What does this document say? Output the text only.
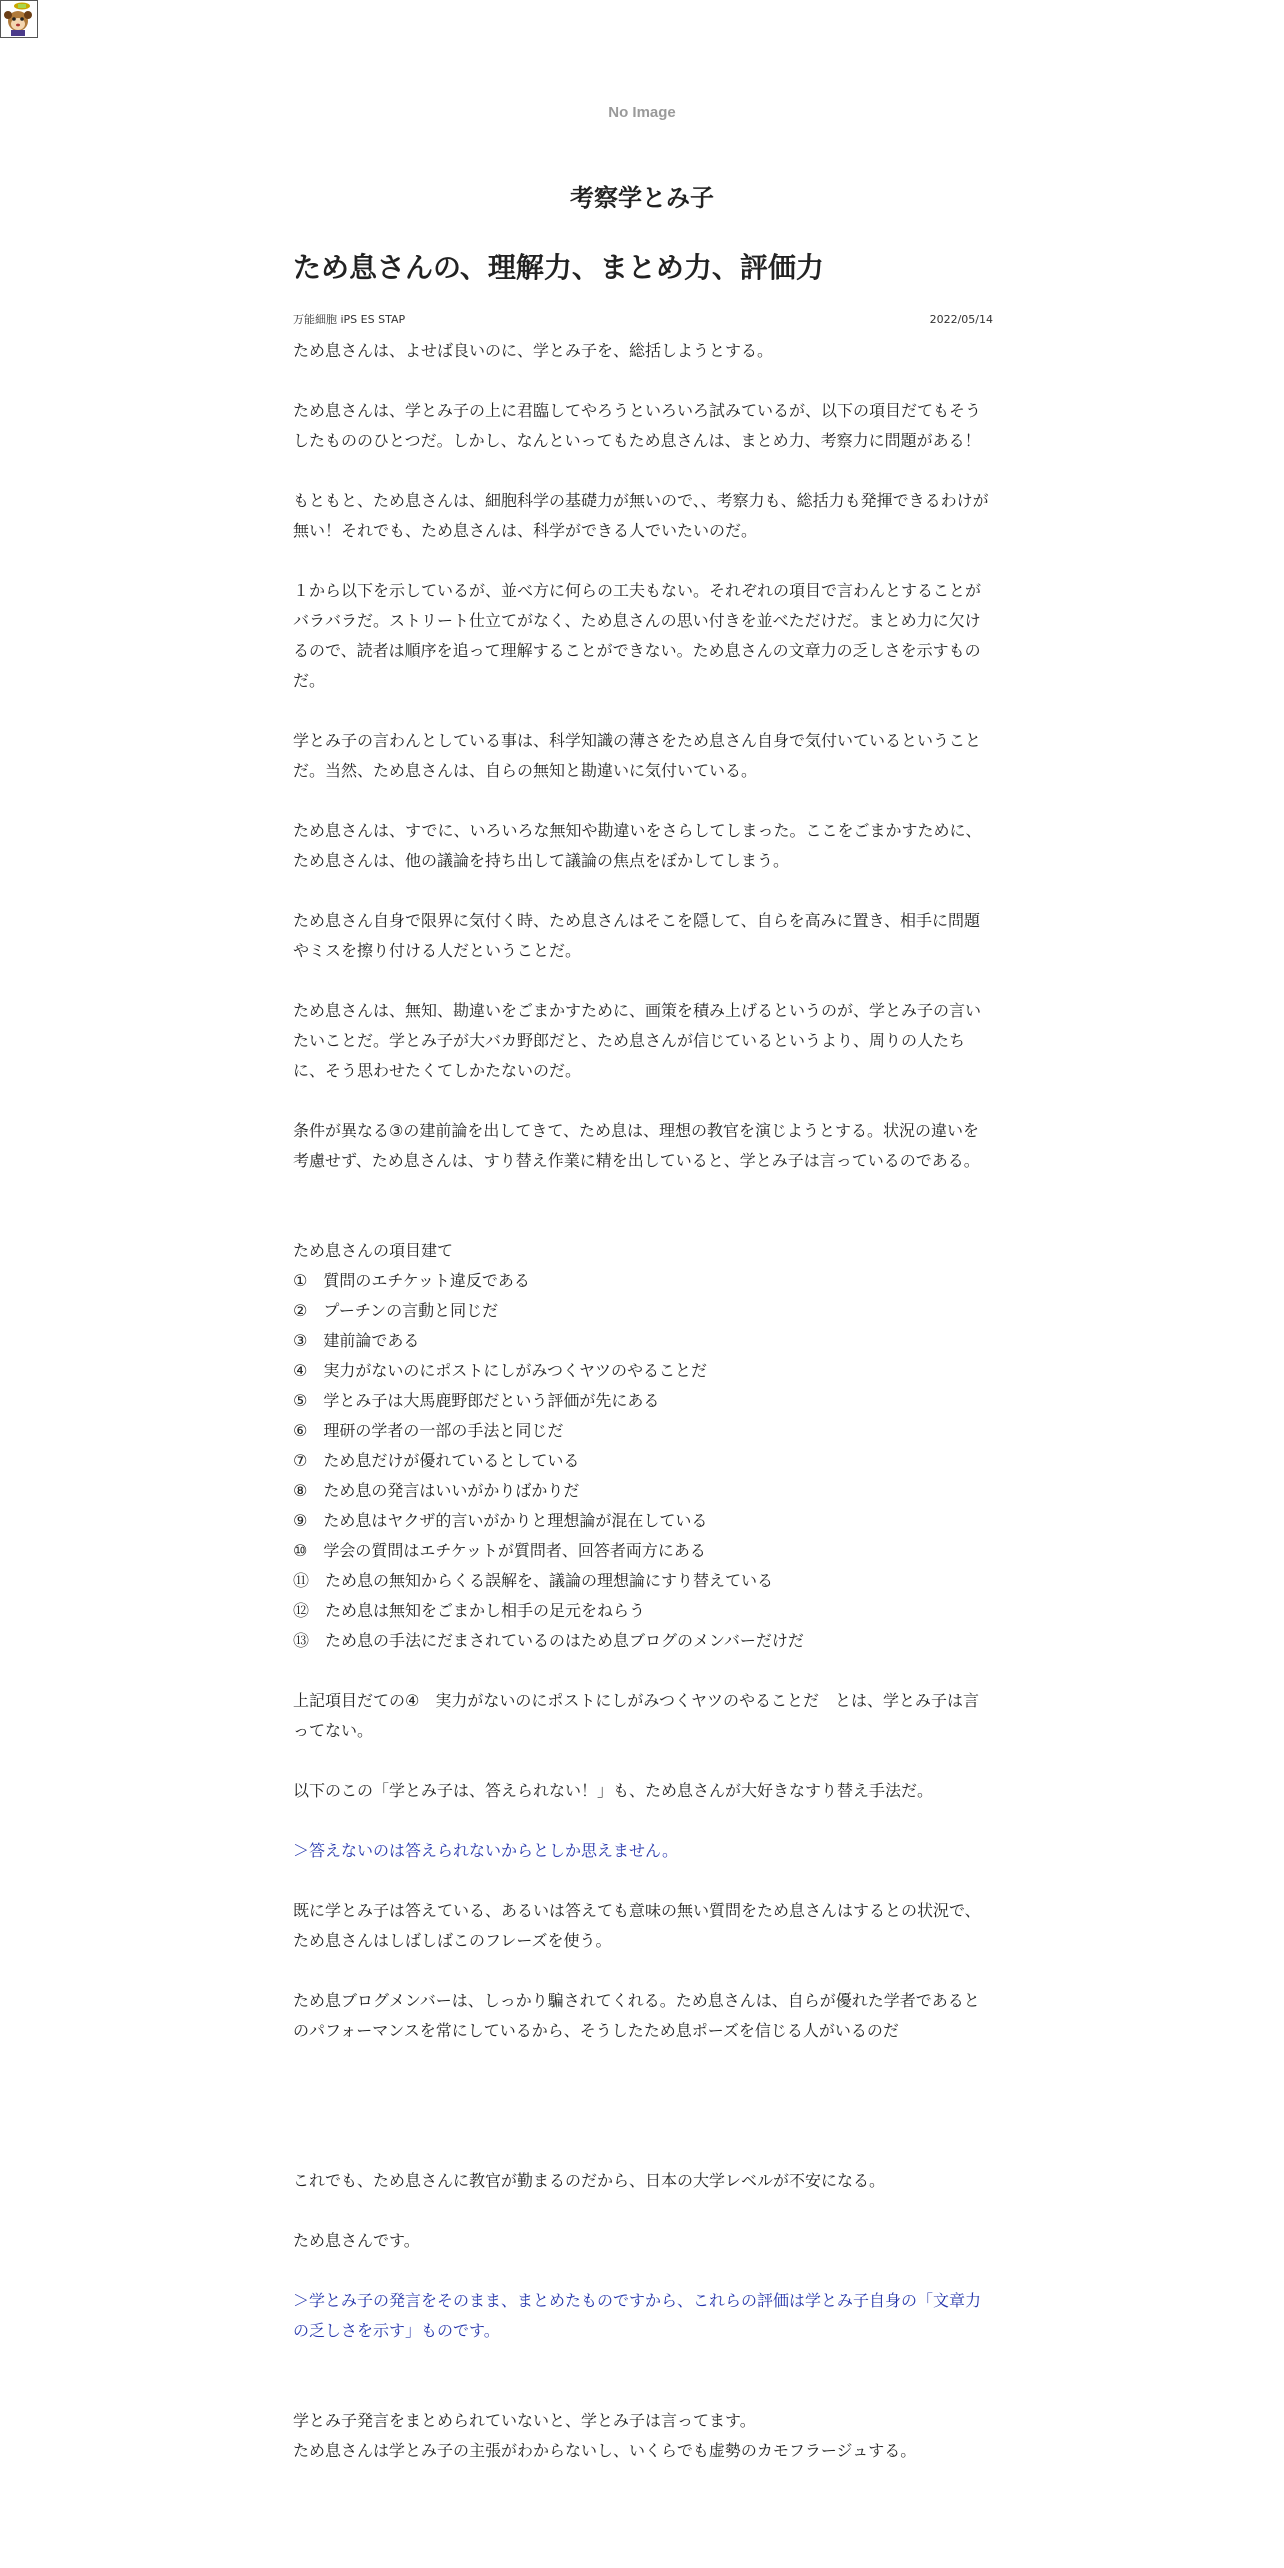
No Image
考察学とみ子
ため息さんの、理解力、まとめ力、評価力
万能細胞 iPS ES STAP	2022/05/14

ため息さんは、よせば良いのに、学とみ子を、総括しようとする。

ため息さんは、学とみ子の上に君臨してやろうといろいろ試みているが、以下の項目だてもそうしたもののひとつだ。しかし、なんといってもため息さんは、まとめ力、考察力に問題がある！

もともと、ため息さんは、細胞科学の基礎力が無いので、、考察力も、総括力も発揮できるわけが無い！それでも、ため息さんは、科学ができる人でいたいのだ。

１から以下を示しているが、並べ方に何らの工夫もない。それぞれの項目で言わんとすることがバラバラだ。ストリート仕立てがなく、ため息さんの思い付きを並べただけだ。まとめ力に欠けるので、読者は順序を追って理解することができない。ため息さんの文章力の乏しさを示すものだ。

学とみ子の言わんとしている事は、科学知識の薄さをため息さん自身で気付いているということだ。当然、ため息さんは、自らの無知と勘違いに気付いている。

ため息さんは、すでに、いろいろな無知や勘違いをさらしてしまった。ここをごまかすために、ため息さんは、他の議論を持ち出して議論の焦点をぼかしてしまう。

ため息さん自身で限界に気付く時、ため息さんはそこを隠して、自らを高みに置き、相手に問題やミスを擦り付ける人だということだ。

ため息さんは、無知、勘違いをごまかすために、画策を積み上げるというのが、学とみ子の言いたいことだ。学とみ子が大バカ野郎だと、ため息さんが信じているというより、周りの人たちに、そう思わせたくてしかたないのだ。

条件が異なる③の建前論を出してきて、ため息は、理想の教官を演じようとする。状況の違いを考慮せず、ため息さんは、すり替え作業に精を出していると、学とみ子は言っているのである。

ため息さんの項目建て

①　質問のエチケット違反である
②　プーチンの言動と同じだ
③　建前論である
④　実力がないのにポストにしがみつくヤツのやることだ
⑤　学とみ子は大馬鹿野郎だという評価が先にある
⑥　理研の学者の一部の手法と同じだ
⑦　ため息だけが優れているとしている
⑧　ため息の発言はいいがかりばかりだ
⑨　ため息はヤクザ的言いがかりと理想論が混在している
⑩　学会の質問はエチケットが質問者、回答者両方にある
⑪　ため息の無知からくる誤解を、議論の理想論にすり替えている
⑫　ため息は無知をごまかし相手の足元をねらう
⑬　ため息の手法にだまされているのはため息ブログのメンバーだけだ

上記項目だての④　実力がないのにポストにしがみつくヤツのやることだ　とは、学とみ子は言ってない。

以下のこの「学とみ子は、答えられない！」も、ため息さんが大好きなすり替え手法だ。

＞答えないのは答えられないからとしか思えません。

既に学とみ子は答えている、あるいは答えても意味の無い質問をため息さんはするとの状況で、ため息さんはしばしばこのフレーズを使う。

ため息ブログメンバーは、しっかり騙されてくれる。ため息さんは、自らが優れた学者であるとのパフォーマンスを常にしているから、そうしたため息ポーズを信じる人がいるのだ

これでも、ため息さんに教官が勤まるのだから、日本の大学レベルが不安になる。

ため息さんです。

＞学とみ子の発言をそのまま、まとめたものですから、これらの評価は学とみ子自身の「文章力の乏しさを示す」ものです。

学とみ子発言をまとめられていないと、学とみ子は言ってます。

ため息さんは学とみ子の主張がわからないし、いくらでも虚勢のカモフラージュする。
